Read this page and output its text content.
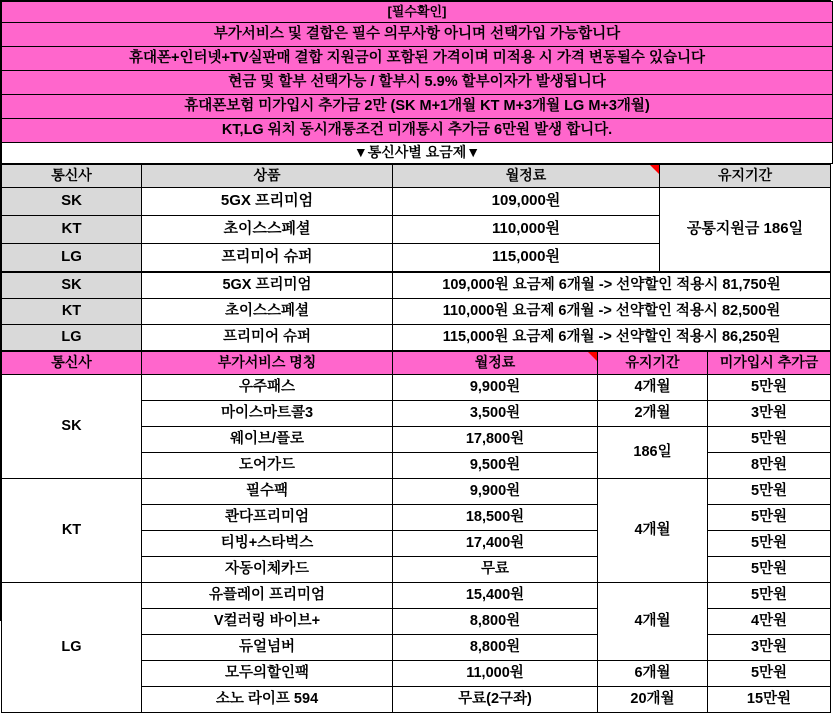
[필수확인]
부가서비스 및 결합은 필수 의무사항 아니며 선택가입 가능합니다
휴대폰+인터넷+TV실판매 결합 지원금이 포함된 가격이며 미적용 시 가격 변동될수 있습니다
현금 및 할부 선택가능 / 할부시 5.9% 할부이자가 발생됩니다
휴대폰보험 미가입시 추가금 2만 (SK M+1개월 KT M+3개월 LG M+3개월)
KT,LG 워치 동시개통조건 미개통시 추가금 6만원 발생 합니다.
▼통신사별 요금제▼
통신사	상품	월정료	유지기간
SK	5GX 프리미엄	109,000원	공통지원금 186일
KT	초이스스페셜	110,000원	
LG	프리미어 슈퍼	115,000원	
SK	5GX 프리미엄	109,000원 요금제 6개월 -> 선약할인 적용시 81,750원
KT	초이스스페셜	110,000원 요금제 6개월 -> 선약할인 적용시 82,500원
LG	프리미어 슈퍼	115,000원 요금제 6개월 -> 선약할인 적용시 86,250원
통신사	부가서비스 명칭	월정료	유지기간	미가입시 추가금
SK	우주패스	9,900원	4개월	5만원
	마이스마트콜3	3,500원	2개월	3만원
	웨이브/플로	17,800원	186일	5만원
	도어가드	9,500원		8만원
KT	필수팩	9,900원	4개월	5만원
	콴다프리미엄	18,500원		5만원
	티빙+스타벅스	17,400원		5만원
	자동이체카드	무료		5만원
LG	유플레이 프리미엄	15,400원	4개월	5만원
	V컬러링 바이브+	8,800원		4만원
	듀얼넘버	8,800원		3만원
	모두의할인팩	11,000원	6개월	5만원
	소노 라이프 594	무료(2구좌)	20개월	15만원
